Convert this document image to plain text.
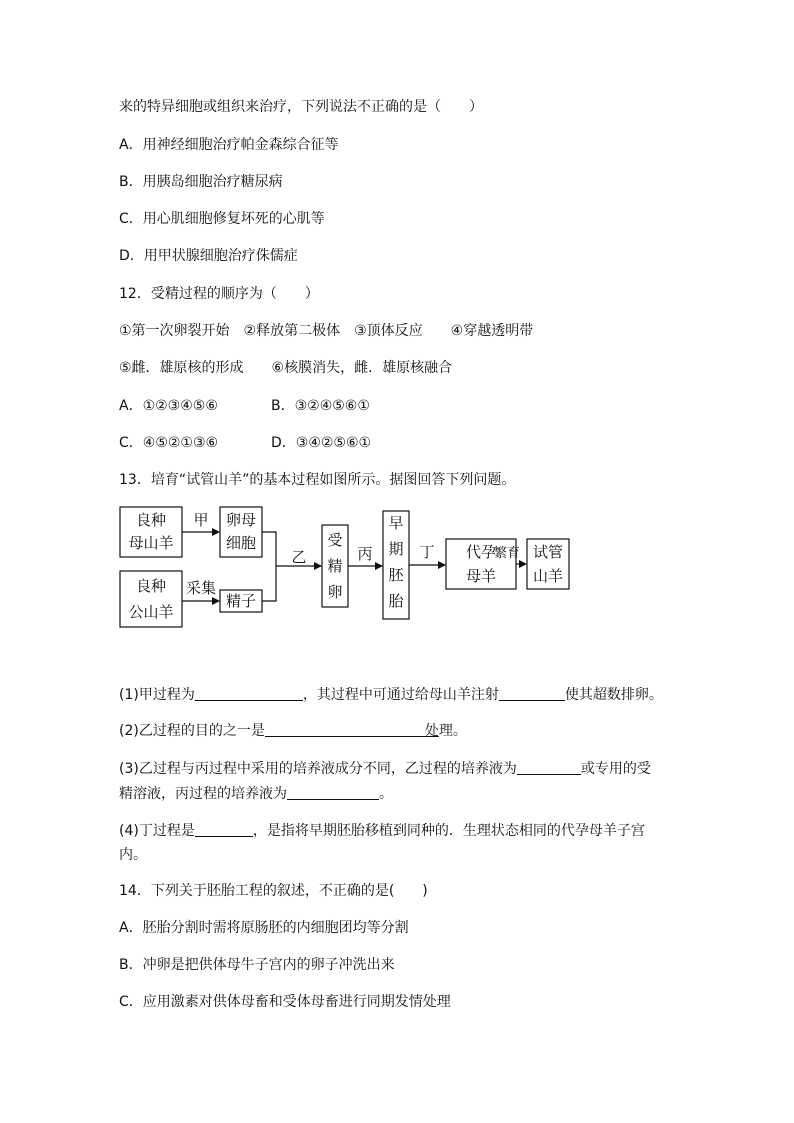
来的特异细胞或组织来治疗，下列说法不正确的是（　　）
A．用神经细胞治疗帕金森综合征等
B．用胰岛细胞治疗糖尿病
C．用心肌细胞修复坏死的心肌等
D．用甲状腺细胞治疗侏儒症
12．受精过程的顺序为（　　）
①第一次卵裂开始　②释放第二极体　③顶体反应　　④穿越透明带
⑤雌．雄原核的形成　　⑥核膜消失，雌．雄原核融合
A．①②③④⑤⑥	B．③②④⑤⑥①
C．④⑤②①③⑥	D．③④②⑤⑥①
13．培育“试管山羊”的基本过程如图所示。据图回答下列问题。
良种
母山羊
甲 卵母
细胞
良种
公山羊
采集
精子
乙
受
精
卵
丙
早
期
胚
胎
丁 代孕
母羊
繁育 试管
山羊
(1)甲过程为	，其过程中可通过给母山羊注射	使其超数排卵。
(2)乙过程的目的之一是	处理。
(3)乙过程与丙过程中采用的培养液成分不同，乙过程的培养液为	或专用的受
精溶液，丙过程的培养液为	。
(4)丁过程是	，是指将早期胚胎移植到同种的．生理状态相同的代孕母羊子宫
内。
14．下列关于胚胎工程的叙述，不正确的是(　　)
A．胚胎分割时需将原肠胚的内细胞团均等分割
B．冲卵是把供体母牛子宫内的卵子冲洗出来
C．应用激素对供体母畜和受体母畜进行同期发情处理
